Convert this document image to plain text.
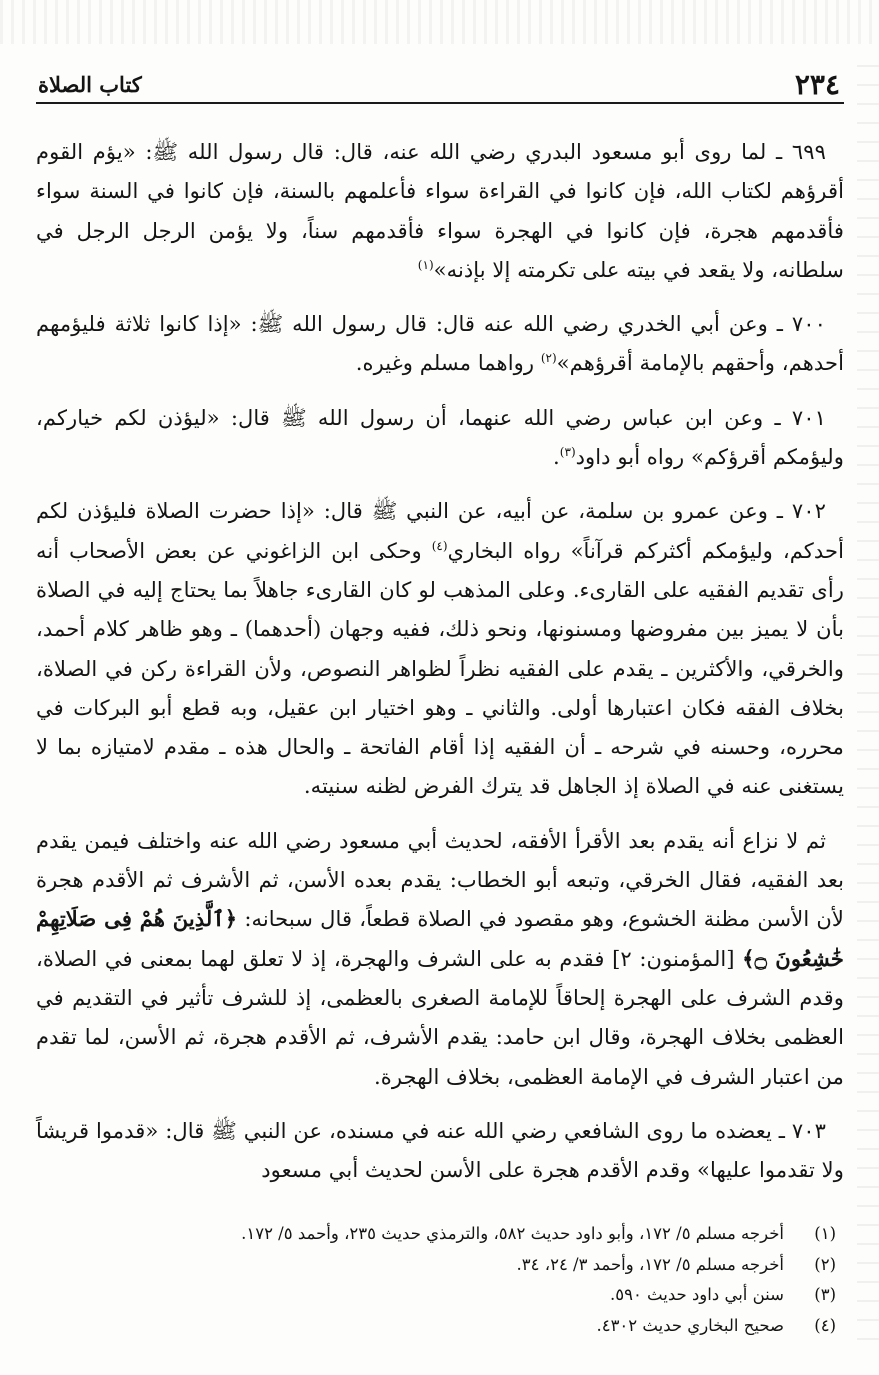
٢٣٤
كتاب الصلاة

٦٩٩ ـ لما روى أبو مسعود البدري رضي الله عنه، قال: قال رسول الله ﷺ: «يؤم القوم أقرؤهم لكتاب الله، فإن كانوا في القراءة سواء فأعلمهم بالسنة، فإن كانوا في السنة سواء فأقدمهم هجرة، فإن كانوا في الهجرة سواء فأقدمهم سناً، ولا يؤمن الرجل الرجل في سلطانه، ولا يقعد في بيته على تكرمته إلا بإذنه»$^{(١)}$

٧٠٠ ـ وعن أبي الخدري رضي الله عنه قال: قال رسول الله ﷺ: «إذا كانوا ثلاثة فليؤمهم أحدهم، وأحقهم بالإمامة أقرؤهم»$^{(٢)}$ رواهما مسلم وغيره.

٧٠١ ـ وعن ابن عباس رضي الله عنهما، أن رسول الله ﷺ قال: «ليؤذن لكم خياركم، وليؤمكم أقرؤكم» رواه أبو داود$^{(٣)}$.

٧٠٢ ـ وعن عمرو بن سلمة، عن أبيه، عن النبي ﷺ قال: «إذا حضرت الصلاة فليؤذن لكم أحدكم، وليؤمكم أكثركم قرآناً» رواه البخاري$^{(٤)}$ وحكى ابن الزاغوني عن بعض الأصحاب أنه رأى تقديم الفقيه على القارىء. وعلى المذهب لو كان القارىء جاهلاً بما يحتاج إليه في الصلاة بأن لا يميز بين مفروضها ومسنونها، ونحو ذلك، ففيه وجهان (أحدهما) ـ وهو ظاهر كلام أحمد، والخرقي، والأكثرين ـ يقدم على الفقيه نظراً لظواهر النصوص، ولأن القراءة ركن في الصلاة، بخلاف الفقه فكان اعتبارها أولى. والثاني ـ وهو اختيار ابن عقيل، وبه قطع أبو البركات في محرره، وحسنه في شرحه ـ أن الفقيه إذا أقام الفاتحة ـ والحال هذه ـ مقدم لامتيازه بما لا يستغنى عنه في الصلاة إذ الجاهل قد يترك الفرض لظنه سنيته.

ثم لا نزاع أنه يقدم بعد الأقرأ الأفقه، لحديث أبي مسعود رضي الله عنه واختلف فيمن يقدم بعد الفقيه، فقال الخرقي، وتبعه أبو الخطاب: يقدم بعده الأسن، ثم الأشرف ثم الأقدم هجرة لأن الأسن مظنة الخشوع، وهو مقصود في الصلاة قطعاً، قال سبحانه: ﴿ٱلَّذِينَ هُمْ فِى صَلَاتِهِمْ خَٰشِعُونَ ۝﴾ [المؤمنون: ٢] فقدم به على الشرف والهجرة، إذ لا تعلق لهما بمعنى في الصلاة، وقدم الشرف على الهجرة إلحاقاً للإمامة الصغرى بالعظمى، إذ للشرف تأثير في التقديم في العظمى بخلاف الهجرة، وقال ابن حامد: يقدم الأشرف، ثم الأقدم هجرة، ثم الأسن، لما تقدم من اعتبار الشرف في الإمامة العظمى، بخلاف الهجرة.

٧٠٣ ـ يعضده ما روى الشافعي رضي الله عنه في مسنده، عن النبي ﷺ قال: «قدموا قريشاً ولا تقدموا عليها» وقدم الأقدم هجرة على الأسن لحديث أبي مسعود

(١)
أخرجه مسلم ٥/ ١٧٢، وأبو داود حديث ٥٨٢، والترمذي حديث ٢٣٥، وأحمد ٥/ ١٧٢.
(٢)
أخرجه مسلم ٥/ ١٧٢، وأحمد ٣/ ٢٤، ٣٤.
(٣)
سنن أبي داود حديث ٥٩٠.
(٤)
صحيح البخاري حديث ٤٣٠٢.
